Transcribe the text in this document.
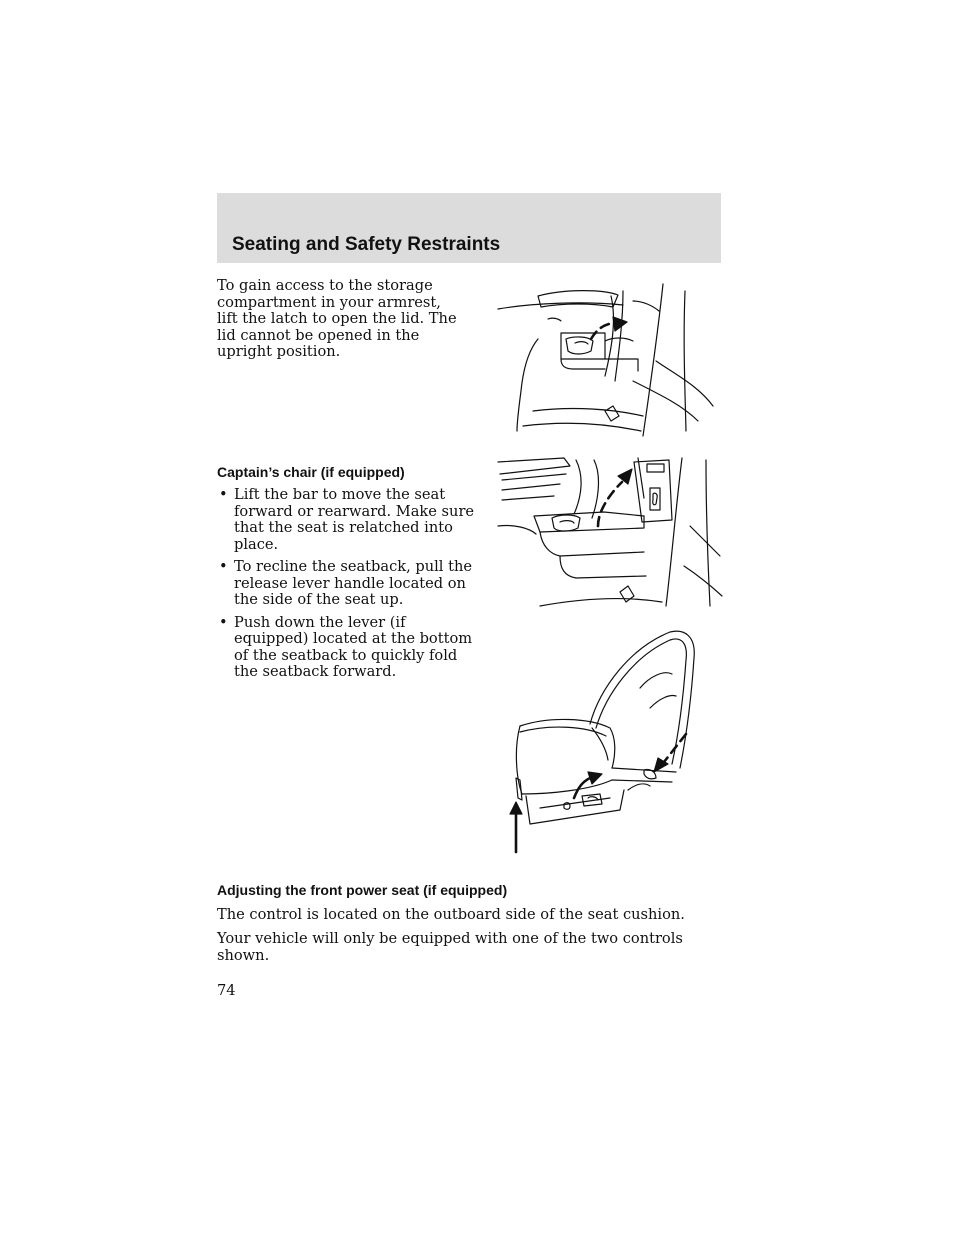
Seating and Safety Restraints

To gain access to the storage compartment in your armrest, lift the latch to open the lid. The lid cannot be opened in the upright position.

Captain’s chair (if equipped)
• Lift the bar to move the seat forward or rearward. Make sure that the seat is relatched into place.
• To recline the seatback, pull the release lever handle located on the side of the seat up.
• Push down the lever (if equipped) located at the bottom of the seatback to quickly fold the seatback forward.
Adjusting the front power seat (if equipped)

The control is located on the outboard side of the seat cushion.

Your vehicle will only be equipped with one of the two controls shown.

74
